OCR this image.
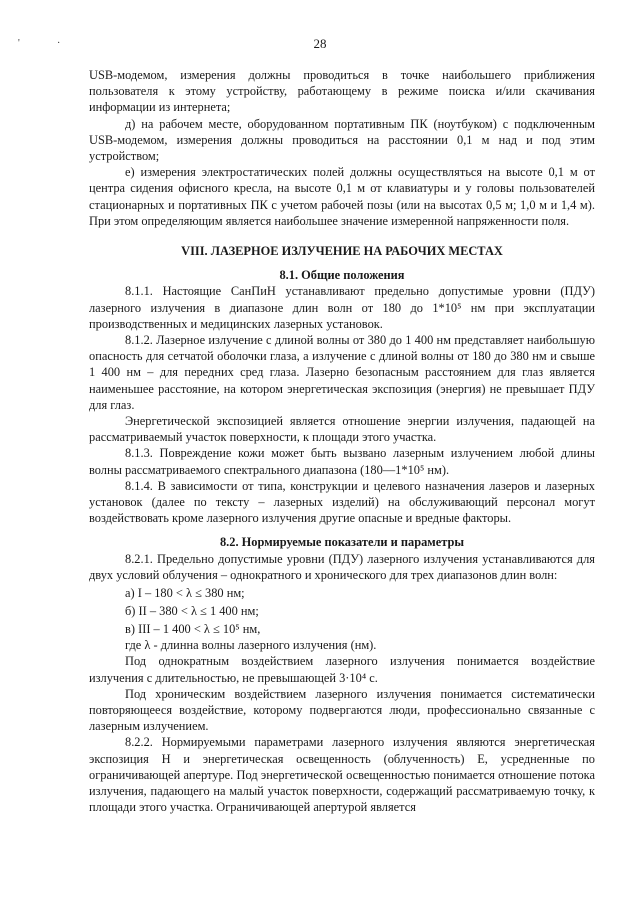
'	·	28

USB-модемом, измерения должны проводиться в точке наибольшего приближения пользователя к этому устройству, работающему в режиме поиска и/или скачивания информации из интернета;

д) на рабочем месте, оборудованном портативным ПК (ноутбуком) с подключенным USB-модемом, измерения должны проводиться на расстоянии 0,1 м над и под этим устройством;

е) измерения электростатических полей должны осуществляться на высоте 0,1 м от центра сидения офисного кресла, на высоте 0,1 м от клавиатуры и у головы пользователей стационарных и портативных ПК с учетом рабочей позы (или на высотах 0,5 м; 1,0 м и 1,4 м). При этом определяющим является наибольшее значение измеренной напряженности поля.

VIII. ЛАЗЕРНОЕ ИЗЛУЧЕНИЕ НА РАБОЧИХ МЕСТАХ

8.1. Общие положения

8.1.1. Настоящие СанПиН устанавливают предельно допустимые уровни (ПДУ) лазерного излучения в диапазоне длин волн от 180 до 1*10⁵ нм при эксплуатации производственных и медицинских лазерных установок.

8.1.2. Лазерное излучение с длиной волны от 380 до 1 400 нм представляет наибольшую опасность для сетчатой оболочки глаза, а излучение с длиной волны от 180 до 380 нм и свыше 1 400 нм – для передних сред глаза. Лазерно безопасным расстоянием для глаз является наименьшее расстояние, на котором энергетическая экспозиция (энергия) не превышает ПДУ для глаз.

Энергетической экспозицией является отношение энергии излучения, падающей на рассматриваемый участок поверхности, к площади этого участка.

8.1.3. Повреждение кожи может быть вызвано лазерным излучением любой длины волны рассматриваемого спектрального диапазона (180—1*10⁵ нм).

8.1.4. В зависимости от типа, конструкции и целевого назначения лазеров и лазерных установок (далее по тексту – лазерных изделий) на обслуживающий персонал могут воздействовать кроме лазерного излучения другие опасные и вредные факторы.

8.2. Нормируемые показатели и параметры

8.2.1. Предельно допустимые уровни (ПДУ) лазерного излучения устанавливаются для двух условий облучения – однократного и хронического для трех диапазонов длин волн:

а) I – 180 < λ ≤ 380 нм;

б) II – 380 < λ ≤ 1 400 нм;

в) III – 1 400 < λ ≤ 10⁵ нм,

где λ - длинна волны лазерного излучения (нм).

Под однократным воздействием лазерного излучения понимается воздействие излучения с длительностью, не превышающей 3·10⁴ с.

Под хроническим воздействием лазерного излучения понимается систематически повторяющееся воздействие, которому подвергаются люди, профессионально связанные с лазерным излучением.

8.2.2. Нормируемыми параметрами лазерного излучения являются энергетическая экспозиция H и энергетическая освещенность (облученность) E, усредненные по ограничивающей апертуре. Под энергетической освещенностью понимается отношение потока излучения, падающего на малый участок поверхности, содержащий рассматриваемую точку, к площади этого участка. Ограничивающей апертурой является
